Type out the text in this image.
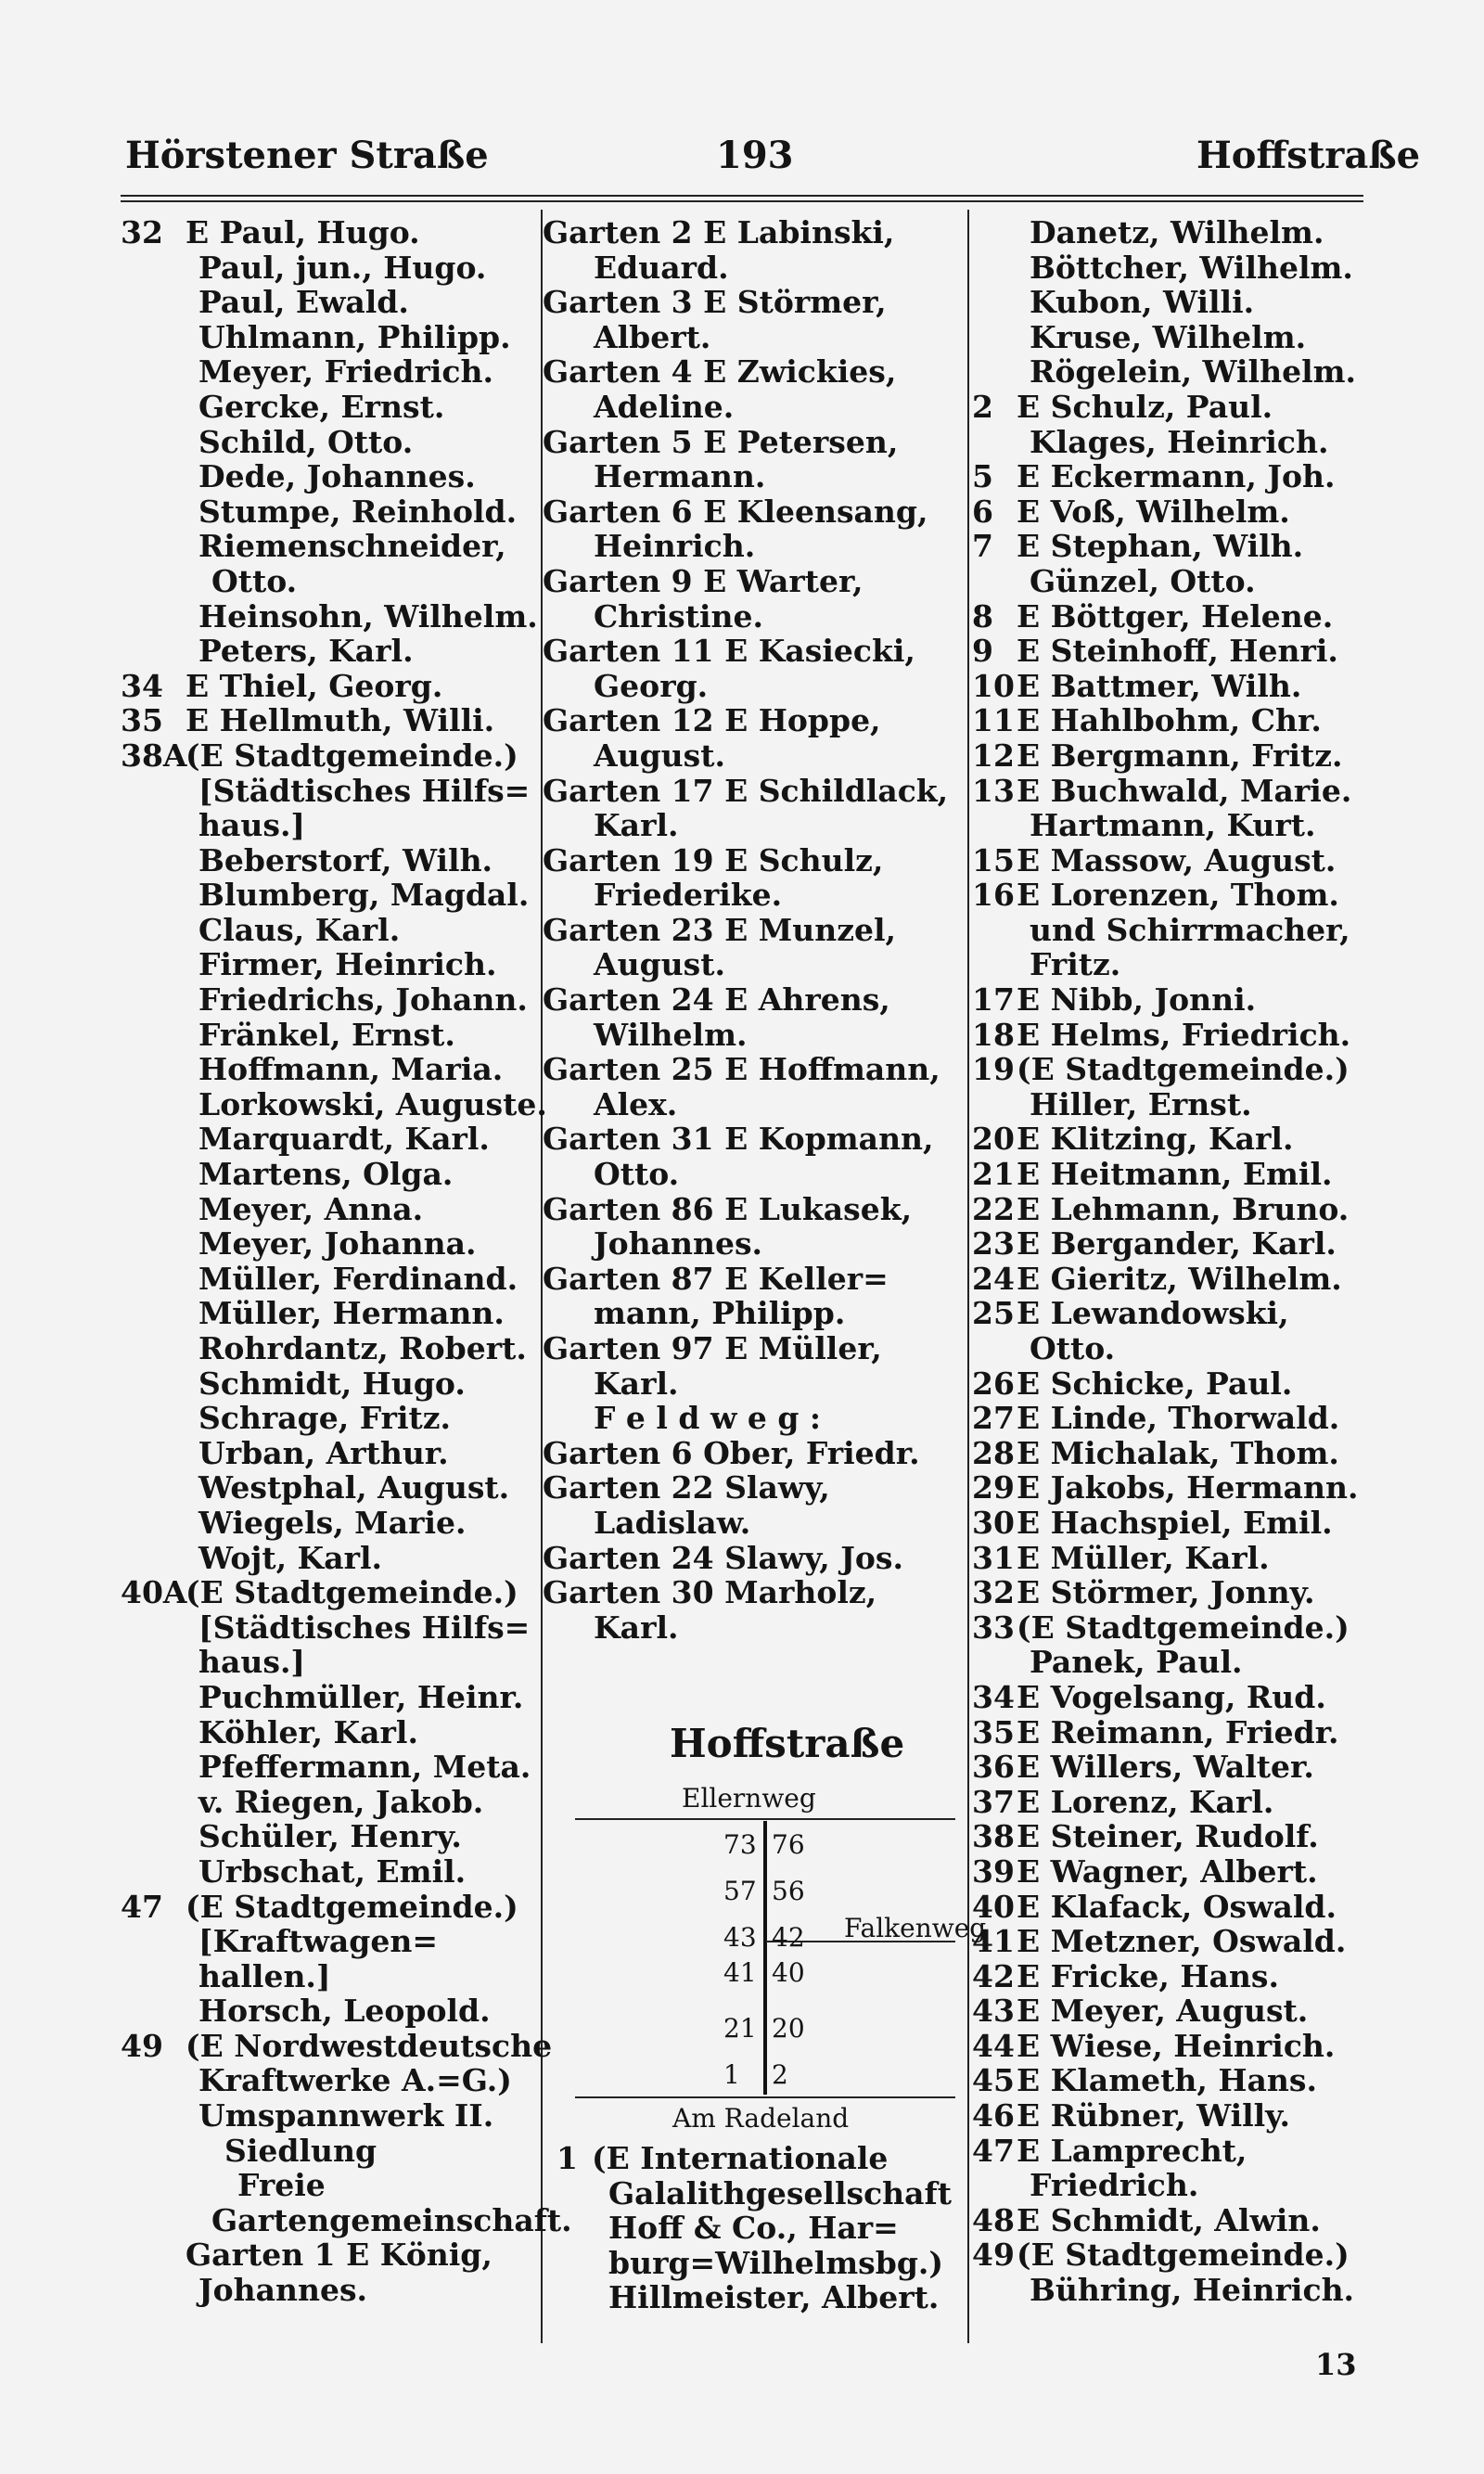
Hörstener Straße	193	Hoffstraße
32 E Paul, Hugo.
Paul, jun., Hugo.
Paul, Ewald.
Uhlmann, Philipp.
Meyer, Friedrich.
Gercke, Ernst.
Schild, Otto.
Dede, Johannes.
Stumpe, Reinhold.
Riemenschneider,
Otto.
Heinsohn, Wilhelm.
Peters, Karl.
34 E Thiel, Georg.
35 E Hellmuth, Willi.
38A(E Stadtgemeinde.)
[Städtisches Hilfs=
haus.]
Beberstorf, Wilh.
Blumberg, Magdal.
Claus, Karl.
Firmer, Heinrich.
Friedrichs, Johann.
Fränkel, Ernst.
Hoffmann, Maria.
Lorkowski, Auguste.
Marquardt, Karl.
Martens, Olga.
Meyer, Anna.
Meyer, Johanna.
Müller, Ferdinand.
Müller, Hermann.
Rohrdantz, Robert.
Schmidt, Hugo.
Schrage, Fritz.
Urban, Arthur.
Westphal, August.
Wiegels, Marie.
Wojt, Karl.
40A(E Stadtgemeinde.)
[Städtisches Hilfs=
haus.]
Puchmüller, Heinr.
Köhler, Karl.
Pfeffermann, Meta.
v. Riegen, Jakob.
Schüler, Henry.
Urbschat, Emil.
47 (E Stadtgemeinde.)
[Kraftwagen=
hallen.]
Horsch, Leopold.
49 (E Nordwestdeutsche
Kraftwerke A.=G.)
Umspannwerk II.
Siedlung
Freie
Gartengemeinschaft.
Garten 1 E König,
Johannes.
Garten 2 E Labinski,
Eduard.
Garten 3 E Störmer,
Albert.
Garten 4 E Zwickies,
Adeline.
Garten 5 E Petersen,
Hermann.
Garten 6 E Kleensang,
Heinrich.
Garten 9 E Warter,
Christine.
Garten 11 E Kasiecki,
Georg.
Garten 12 E Hoppe,
August.
Garten 17 E Schildlack,
Karl.
Garten 19 E Schulz,
Friederike.
Garten 23 E Munzel,
August.
Garten 24 E Ahrens,
Wilhelm.
Garten 25 E Hoffmann,
Alex.
Garten 31 E Kopmann,
Otto.
Garten 86 E Lukasek,
Johannes.
Garten 87 E Keller=
mann, Philipp.
Garten 97 E Müller,
Karl.
F e l d w e g :
Garten 6 Ober, Friedr.
Garten 22 Slawy,
Ladislaw.
Garten 24 Slawy, Jos.
Garten 30 Marholz,
Karl.
Danetz, Wilhelm.
Böttcher, Wilhelm.
Kubon, Willi.
Kruse, Wilhelm.
Rögelein, Wilhelm.
2 E Schulz, Paul.
Klages, Heinrich.
5 E Eckermann, Joh.
6 E Voß, Wilhelm.
7 E Stephan, Wilh.
Günzel, Otto.
8 E Böttger, Helene.
9 E Steinhoff, Henri.
10E Battmer, Wilh.
11E Hahlbohm, Chr.
12E Bergmann, Fritz.
13E Buchwald, Marie.
Hartmann, Kurt.
15E Massow, August.
16E Lorenzen, Thom.
und Schirrmacher,
Fritz.
17E Nibb, Jonni.
18E Helms, Friedrich.
19(E Stadtgemeinde.)
Hiller, Ernst.
20E Klitzing, Karl.
21E Heitmann, Emil.
22E Lehmann, Bruno.
23E Bergander, Karl.
24E Gieritz, Wilhelm.
25E Lewandowski,
Otto.
26E Schicke, Paul.
27E Linde, Thorwald.
28E Michalak, Thom.
29E Jakobs, Hermann.
30E Hachspiel, Emil.
31E Müller, Karl.
32E Störmer, Jonny.
33(E Stadtgemeinde.)
Panek, Paul.
34E Vogelsang, Rud.
35E Reimann, Friedr.
36E Willers, Walter.
37E Lorenz, Karl.
38E Steiner, Rudolf.
39E Wagner, Albert.
40E Klafack, Oswald.
41E Metzner, Oswald.
42E Fricke, Hans.
43E Meyer, August.
44E Wiese, Heinrich.
45E Klameth, Hans.
46E Rübner, Willy.
47E Lamprecht,
Friedrich.
48E Schmidt, Alwin.
49(E Stadtgemeinde.)
Bühring, Heinrich.
Hoffstraße
Ellernweg
Falkenweg
Am Radeland
73 76
57 56
43 42
41 40
21 20
1 2
1 (E Internationale
Galalithgesellschaft
Hoff & Co., Har=
burg=Wilhelmsbg.)
Hillmeister, Albert.
13
